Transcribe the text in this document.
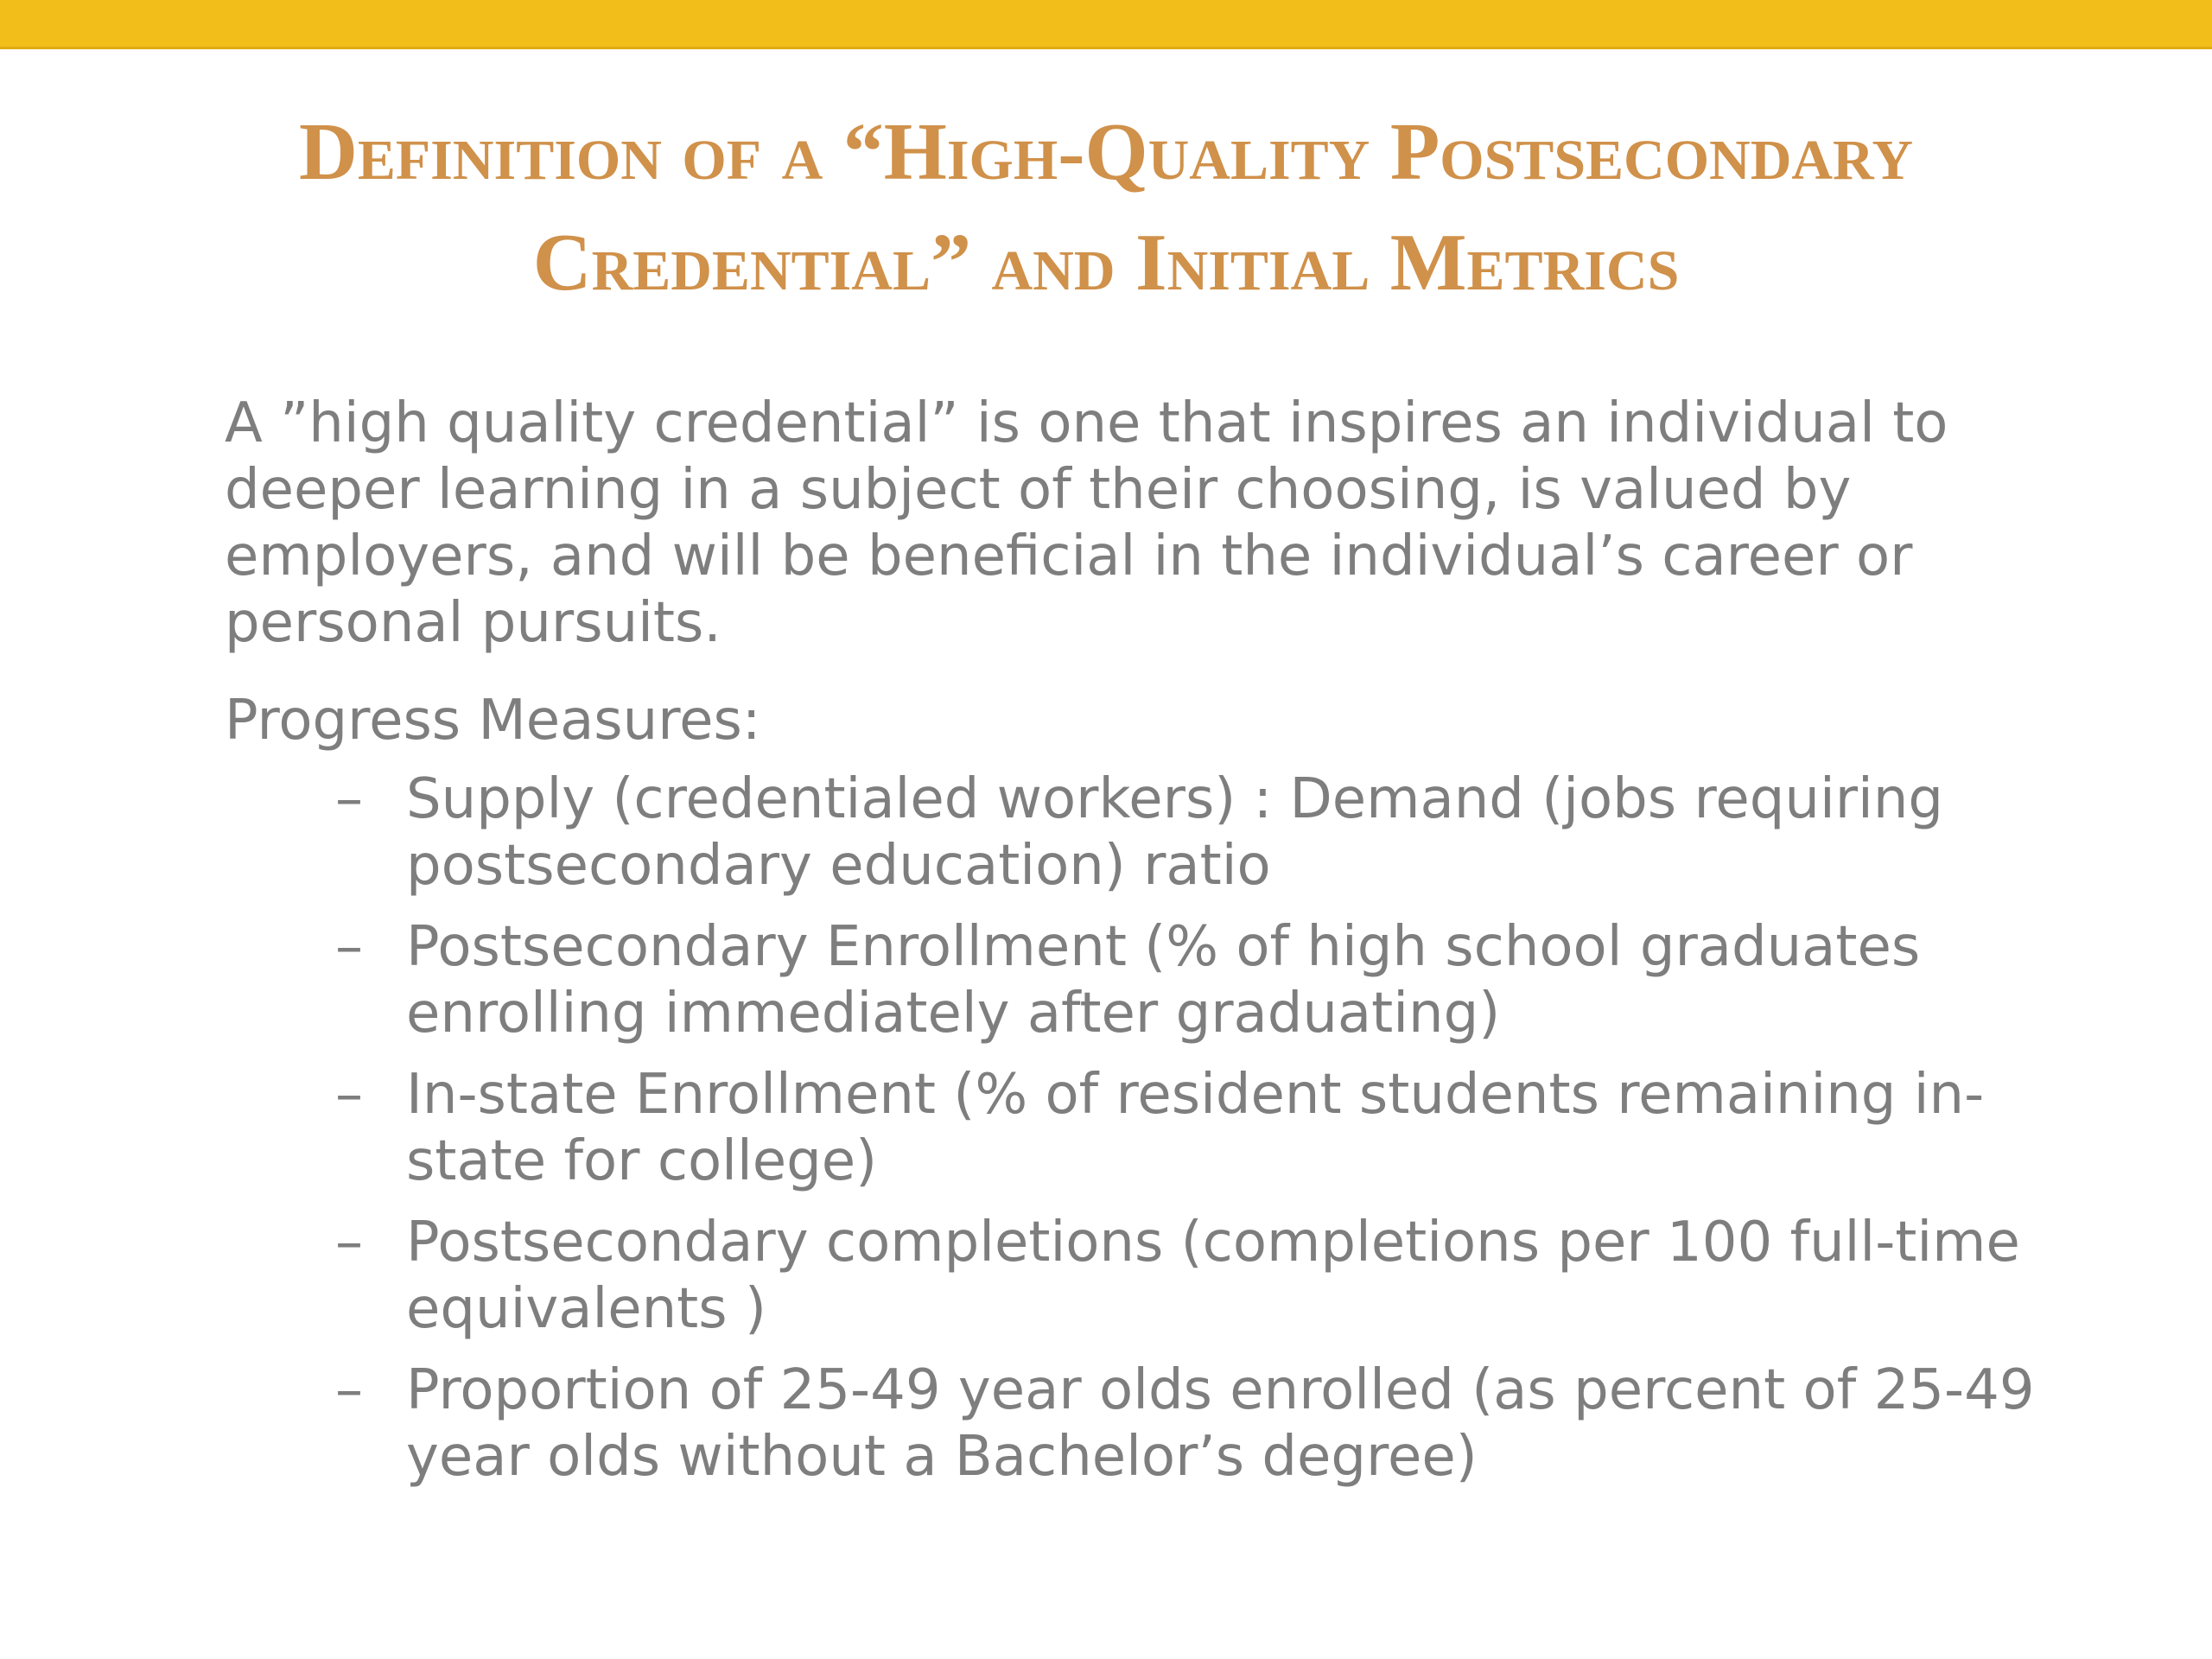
Definition of a “High-Quality Postsecondary
Credential” and Initial Metrics

A ”high quality credential” is one that inspires an individual to deeper learning in a subject of their choosing, is valued by employers, and will be beneficial in the individual’s career or personal pursuits.

Progress Measures:

– Supply (credentialed workers) : Demand (jobs requiring postsecondary education) ratio
– Postsecondary Enrollment (% of high school graduates enrolling immediately after graduating)
– In-state Enrollment (% of resident students remaining in-state for college)
– Postsecondary completions (completions per 100 full-time equivalents )
– Proportion of 25-49 year olds enrolled (as percent of 25-49 year olds without a Bachelor’s degree)
